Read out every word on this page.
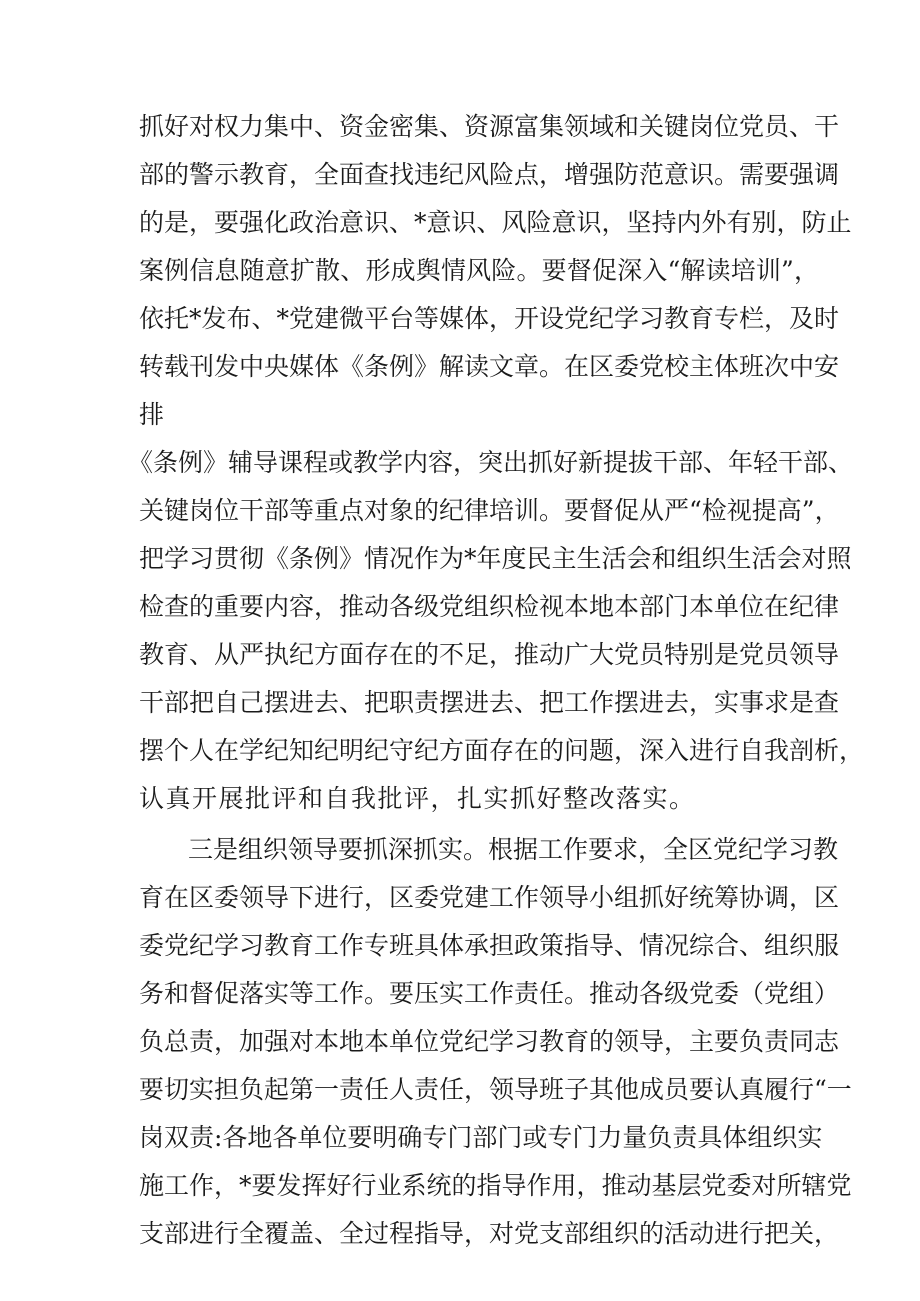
抓好对权力集中、资金密集、资源富集领域和关键岗位党员、干
部的警示教育，全面查找违纪风险点，增强防范意识。需要强调
的是，要强化政治意识、*意识、风险意识，坚持内外有别，防止
案例信息随意扩散、形成舆情风险。要督促深入“解读培训”，
依托*发布、*党建微平台等媒体，开设党纪学习教育专栏，及时
转载刊发中央媒体《条例》解读文章。在区委党校主体班次中安
排
《条例》辅导课程或教学内容，突出抓好新提拔干部、年轻干部、
关键岗位干部等重点对象的纪律培训。要督促从严“检视提高”，
把学习贯彻《条例》情况作为*年度民主生活会和组织生活会对照
检查的重要内容，推动各级党组织检视本地本部门本单位在纪律
教育、从严执纪方面存在的不足，推动广大党员特别是党员领导
干部把自己摆进去、把职责摆进去、把工作摆进去，实事求是查
摆个人在学纪知纪明纪守纪方面存在的问题，深入进行自我剖析，
认真开展批评和自我批评，扎实抓好整改落实。
三是组织领导要抓深抓实。根据工作要求，全区党纪学习教
育在区委领导下进行，区委党建工作领导小组抓好统筹协调，区
委党纪学习教育工作专班具体承担政策指导、情况综合、组织服
务和督促落实等工作。要压实工作责任。推动各级党委（党组）
负总责，加强对本地本单位党纪学习教育的领导，主要负责同志
要切实担负起第一责任人责任，领导班子其他成员要认真履行“一
岗双责:各地各单位要明确专门部门或专门力量负责具体组织实
施工作，*要发挥好行业系统的指导作用，推动基层党委对所辖党
支部进行全覆盖、全过程指导，对党支部组织的活动进行把关，
